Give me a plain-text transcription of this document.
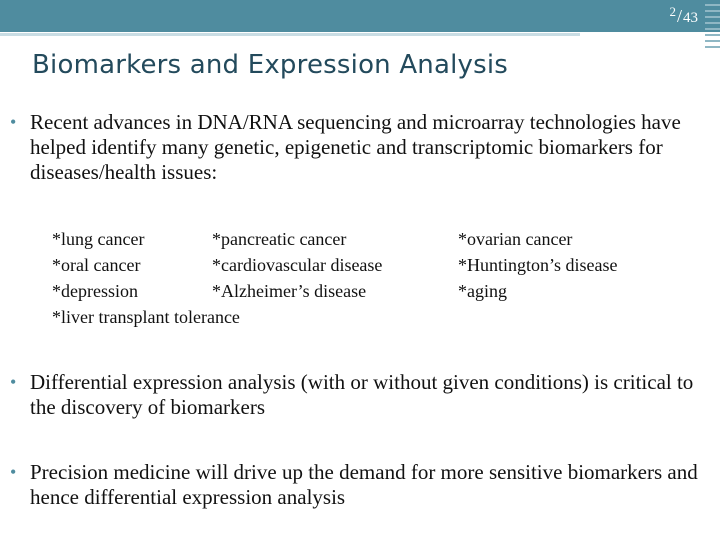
2/43
Biomarkers and Expression Analysis
• Recent advances in DNA/RNA sequencing and microarray technologies have helped identify many genetic, epigenetic and transcriptomic biomarkers for diseases/health issues:
*lung cancer
*oral cancer
*depression
*liver transplant tolerance
*pancreatic cancer
*cardiovascular disease
*Alzheimer’s disease
*ovarian cancer
*Huntington’s disease
*aging
• Differential expression analysis (with or without given conditions) is critical to the discovery of biomarkers
• Precision medicine will drive up the demand for more sensitive biomarkers and hence differential expression analysis
